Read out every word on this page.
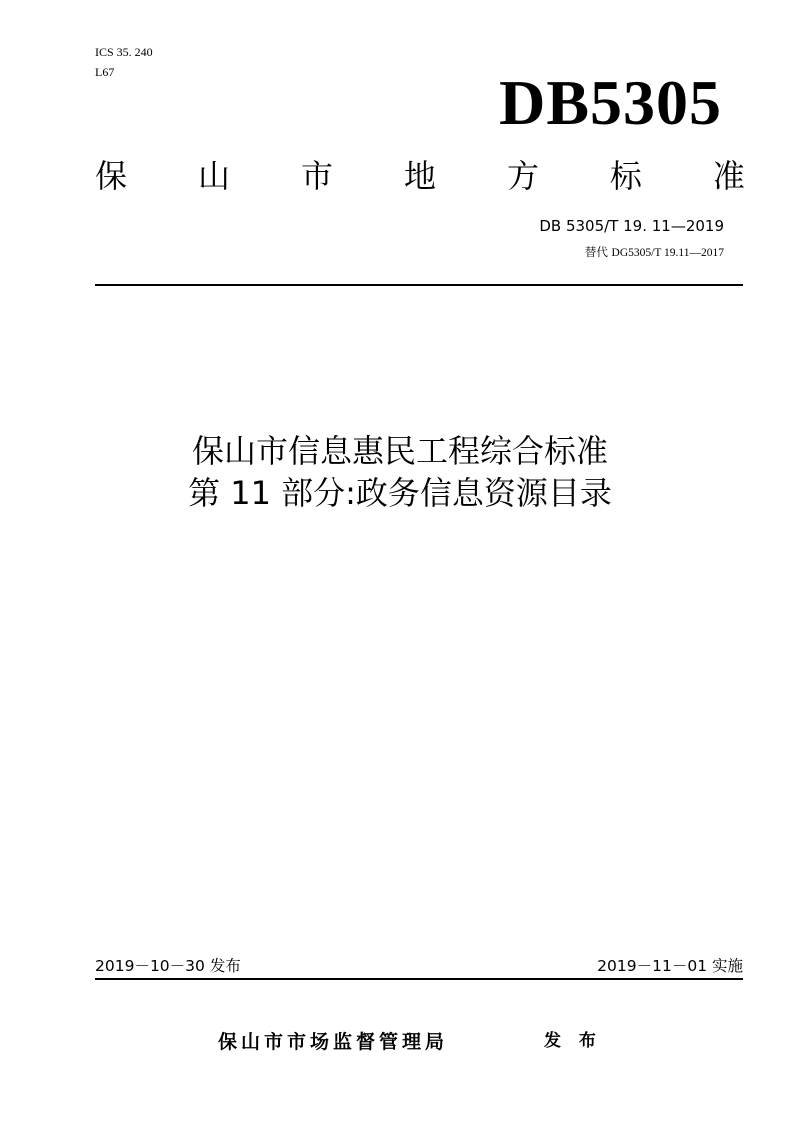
ICS 35. 240
L67	DB5305
保 山 市 地 方 标 准
DB 5305/T 19. 11—2019
替代 DG5305/T 19.11—2017
保山市信息惠民工程综合标准
第 11 部分:政务信息资源目录
2019－10－30 发布	2019－11－01 实施
保山市市场监督管理局	发 布
